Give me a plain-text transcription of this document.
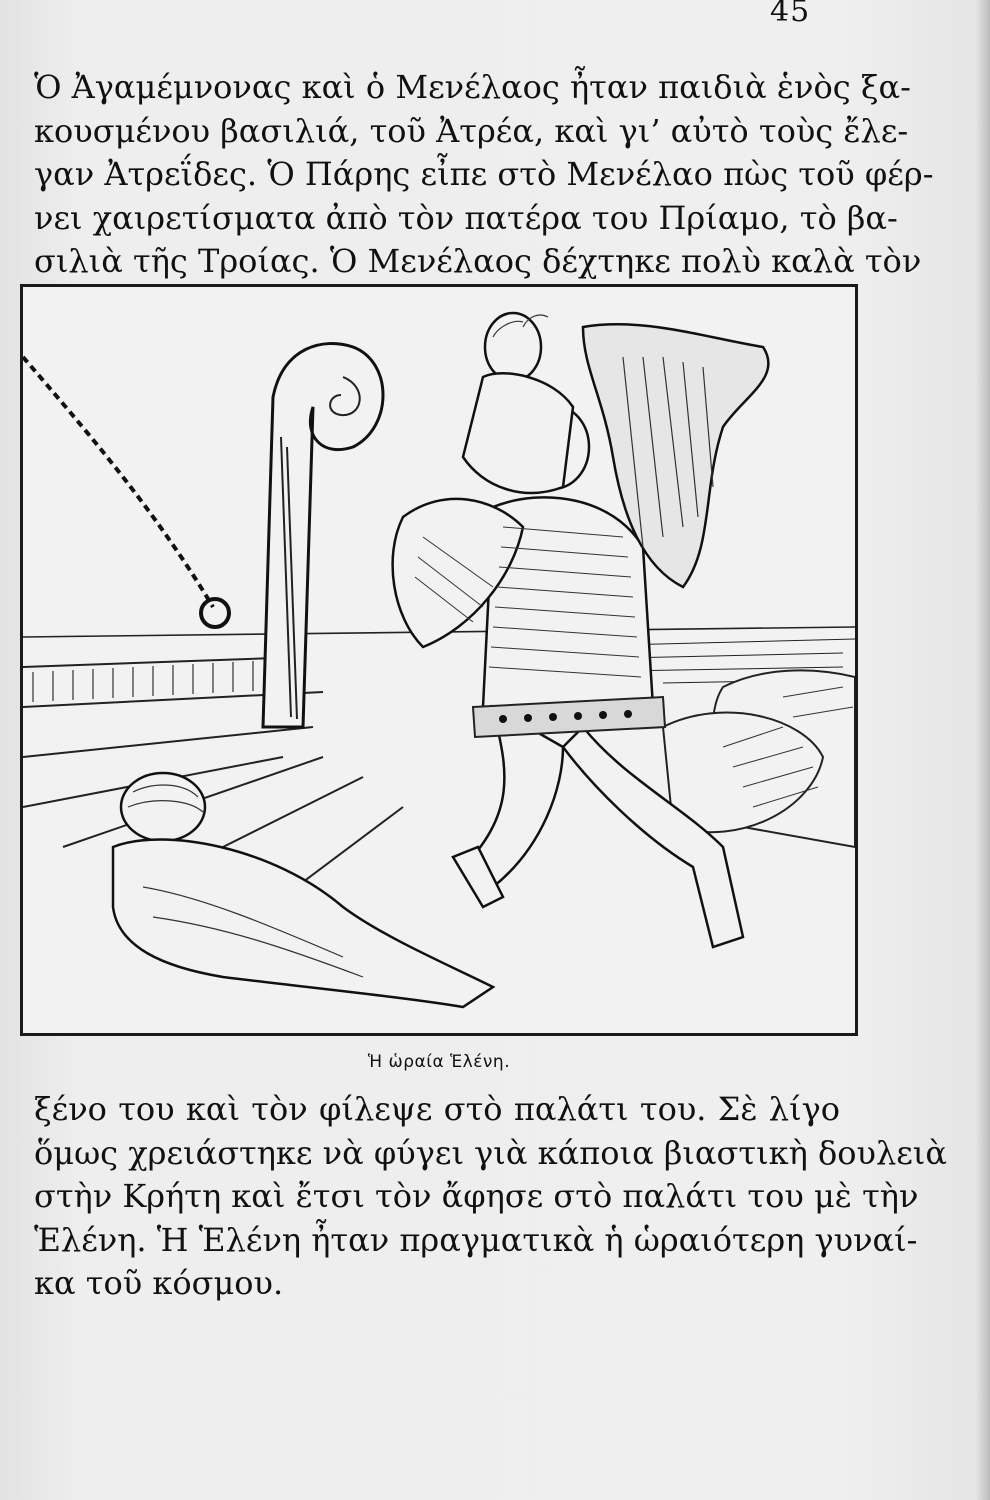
45
Ὁ Ἀγαμέμνονας καὶ ὁ Μενέλαος ἦταν παιδιὰ ἑνὸς ξα-
κουσμένου βασιλιά, τοῦ Ἀτρέα, καὶ γι’ αὐτὸ τοὺς ἔλε-
γαν Ἀτρεΐδες. Ὁ Πάρης εἶπε στὸ Μενέλαο πὼς τοῦ φέρ-
νει χαιρετίσματα ἀπὸ τὸν πατέρα του Πρίαμο, τὸ βα-
σιλιὰ τῆς Τροίας. Ὁ Μενέλαος δέχτηκε πολὺ καλὰ τὸν
Ἡ ὡραία Ἑλένη.
ξένο του καὶ τὸν φίλεψε στὸ παλάτι του. Σὲ λίγο
ὅμως χρειάστηκε νὰ φύγει γιὰ κάποια βιαστικὴ δουλειὰ
στὴν Κρήτη καὶ ἔτσι τὸν ἄφησε στὸ παλάτι του μὲ τὴν
Ἑλένη. Ἡ Ἑλένη ἦταν πραγματικὰ ἡ ὡραιότερη γυναί-
κα τοῦ κόσμου.
